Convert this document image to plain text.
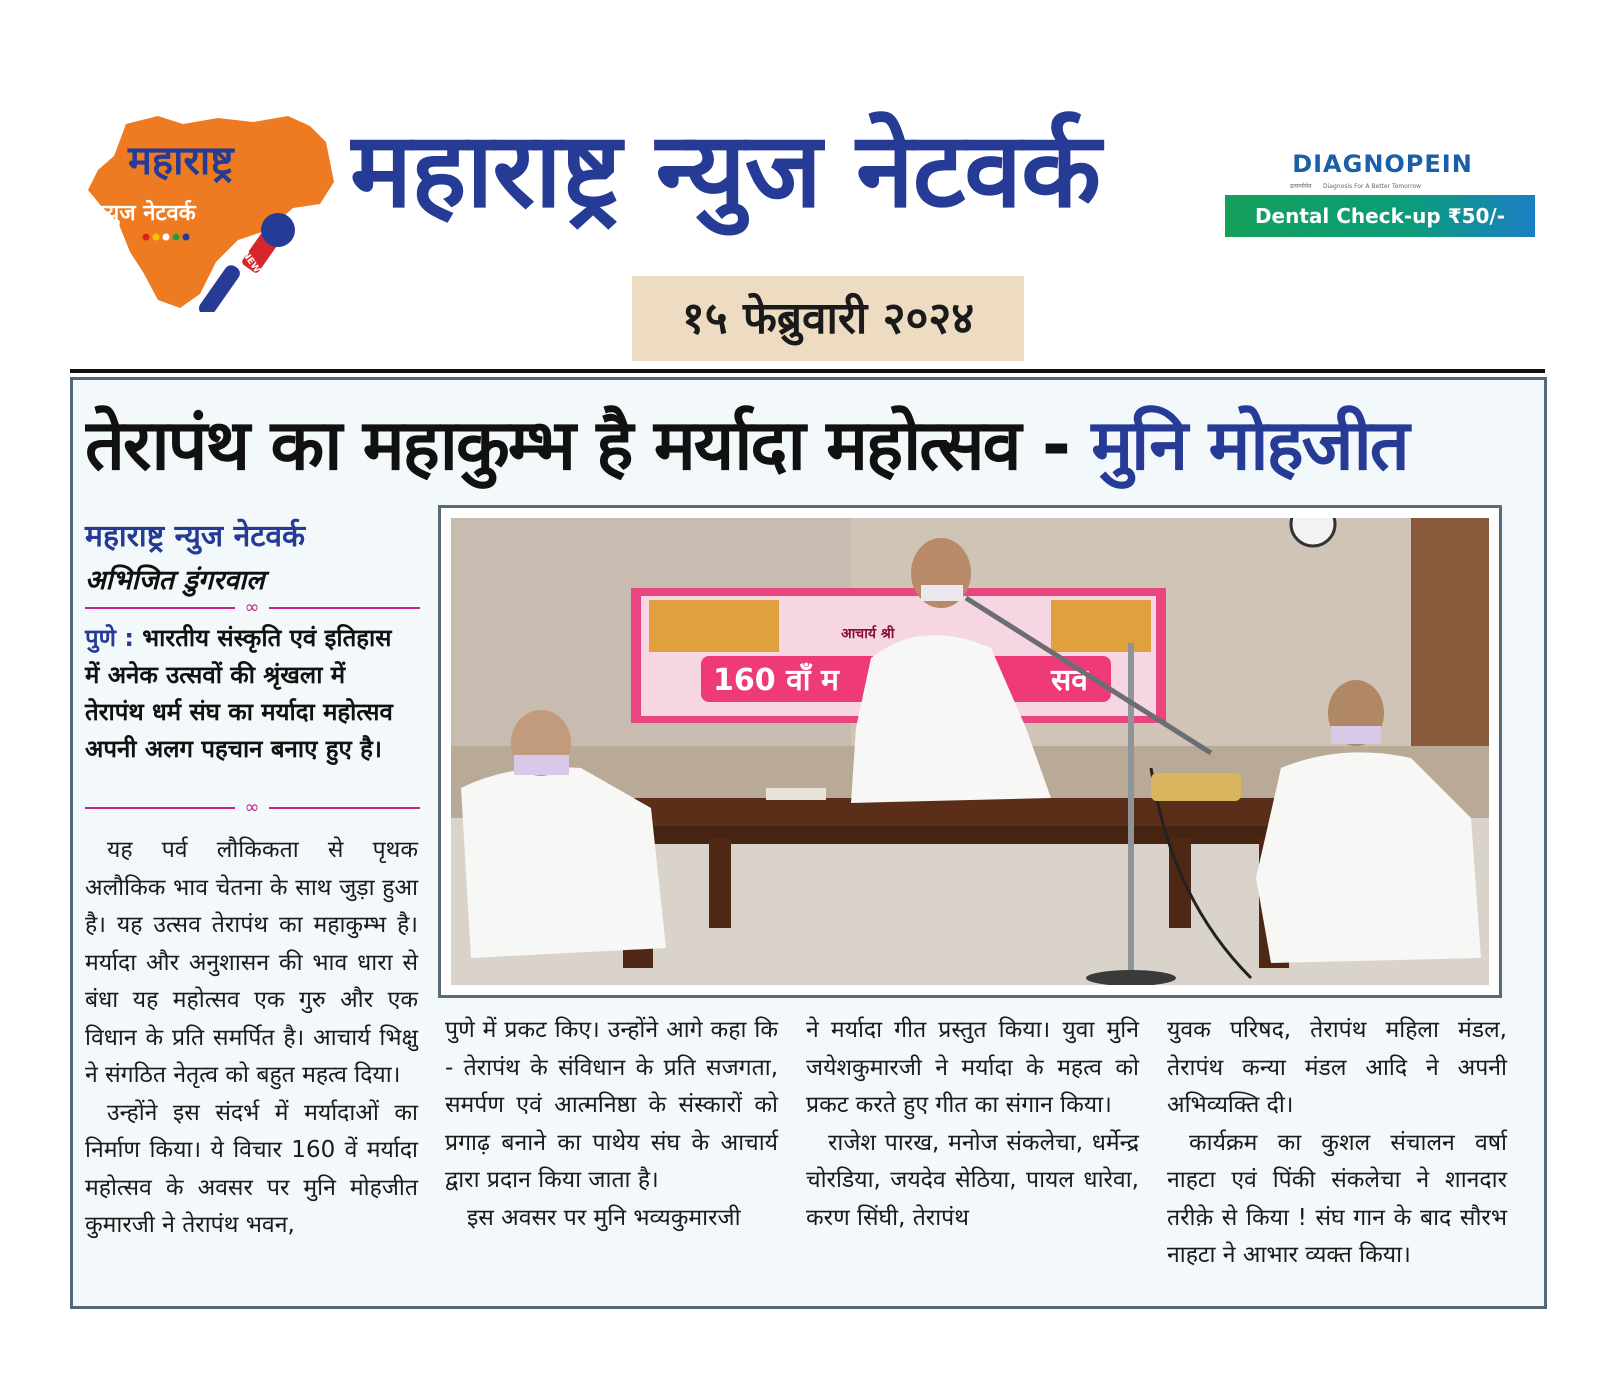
महाराष्ट्र
न्युज नेटवर्क
NEWS
महाराष्ट्र न्युज नेटवर्क	DIAGNOPEIN
डायग्नोपेन Diagnosis For A Better Tomorrow
Dental Check-up ₹50/-
१५ फेब्रुवारी २०२४
तेरापंथ का महाकुम्भ है मर्यादा महोत्सव - मुनि मोहजीत
महाराष्ट्र न्युज नेटवर्क
अभिजित डुंगरवाल
∞
पुणे : भारतीय संस्कृति एवं इतिहास में अनेक उत्सवों की श्रृंखला में तेरापंथ धर्म संघ का मर्यादा महोत्सव अपनी अलग पहचान बनाए हुए है।
∞

यह पर्व लौकिकता से पृथक अलौकिक भाव चेतना के साथ जुड़ा हुआ है। यह उत्सव तेरापंथ का महाकुम्भ है। मर्यादा और अनुशासन की भाव धारा से बंधा यह महोत्सव एक गुरु और एक विधान के प्रति समर्पित है। आचार्य भिक्षु ने संगठित नेतृत्व को बहुत महत्व दिया।

उन्होंने इस संदर्भ में मर्यादाओं का निर्माण किया। ये विचार 160 वें मर्यादा महोत्सव के अवसर पर मुनि मोहजीत कुमारजी ने तेरापंथ भवन,

आचार्य श्री
160 वाँ म	सव

पुणे में प्रकट किए। उन्होंने आगे कहा कि - तेरापंथ के संविधान के प्रति सजगता, समर्पण एवं आत्मनिष्ठा के संस्कारों को प्रगाढ़ बनाने का पाथेय संघ के आचार्य द्वारा प्रदान किया जाता है।

इस अवसर पर मुनि भव्यकुमारजी

ने मर्यादा गीत प्रस्तुत किया। युवा मुनि जयेशकुमारजी ने मर्यादा के महत्व को प्रकट करते हुए गीत का संगान किया।

राजेश पारख, मनोज संकलेचा, धर्मेन्द्र चोरडिया, जयदेव सेठिया, पायल धारेवा, करण सिंघी, तेरापंथ

युवक परिषद, तेरापंथ महिला मंडल, तेरापंथ कन्या मंडल आदि ने अपनी अभिव्यक्ति दी।

कार्यक्रम का कुशल संचालन वर्षा नाहटा एवं पिंकी संकलेचा ने शानदार तरीक़े से किया ! संघ गान के बाद सौरभ नाहटा ने आभार व्यक्त किया।
